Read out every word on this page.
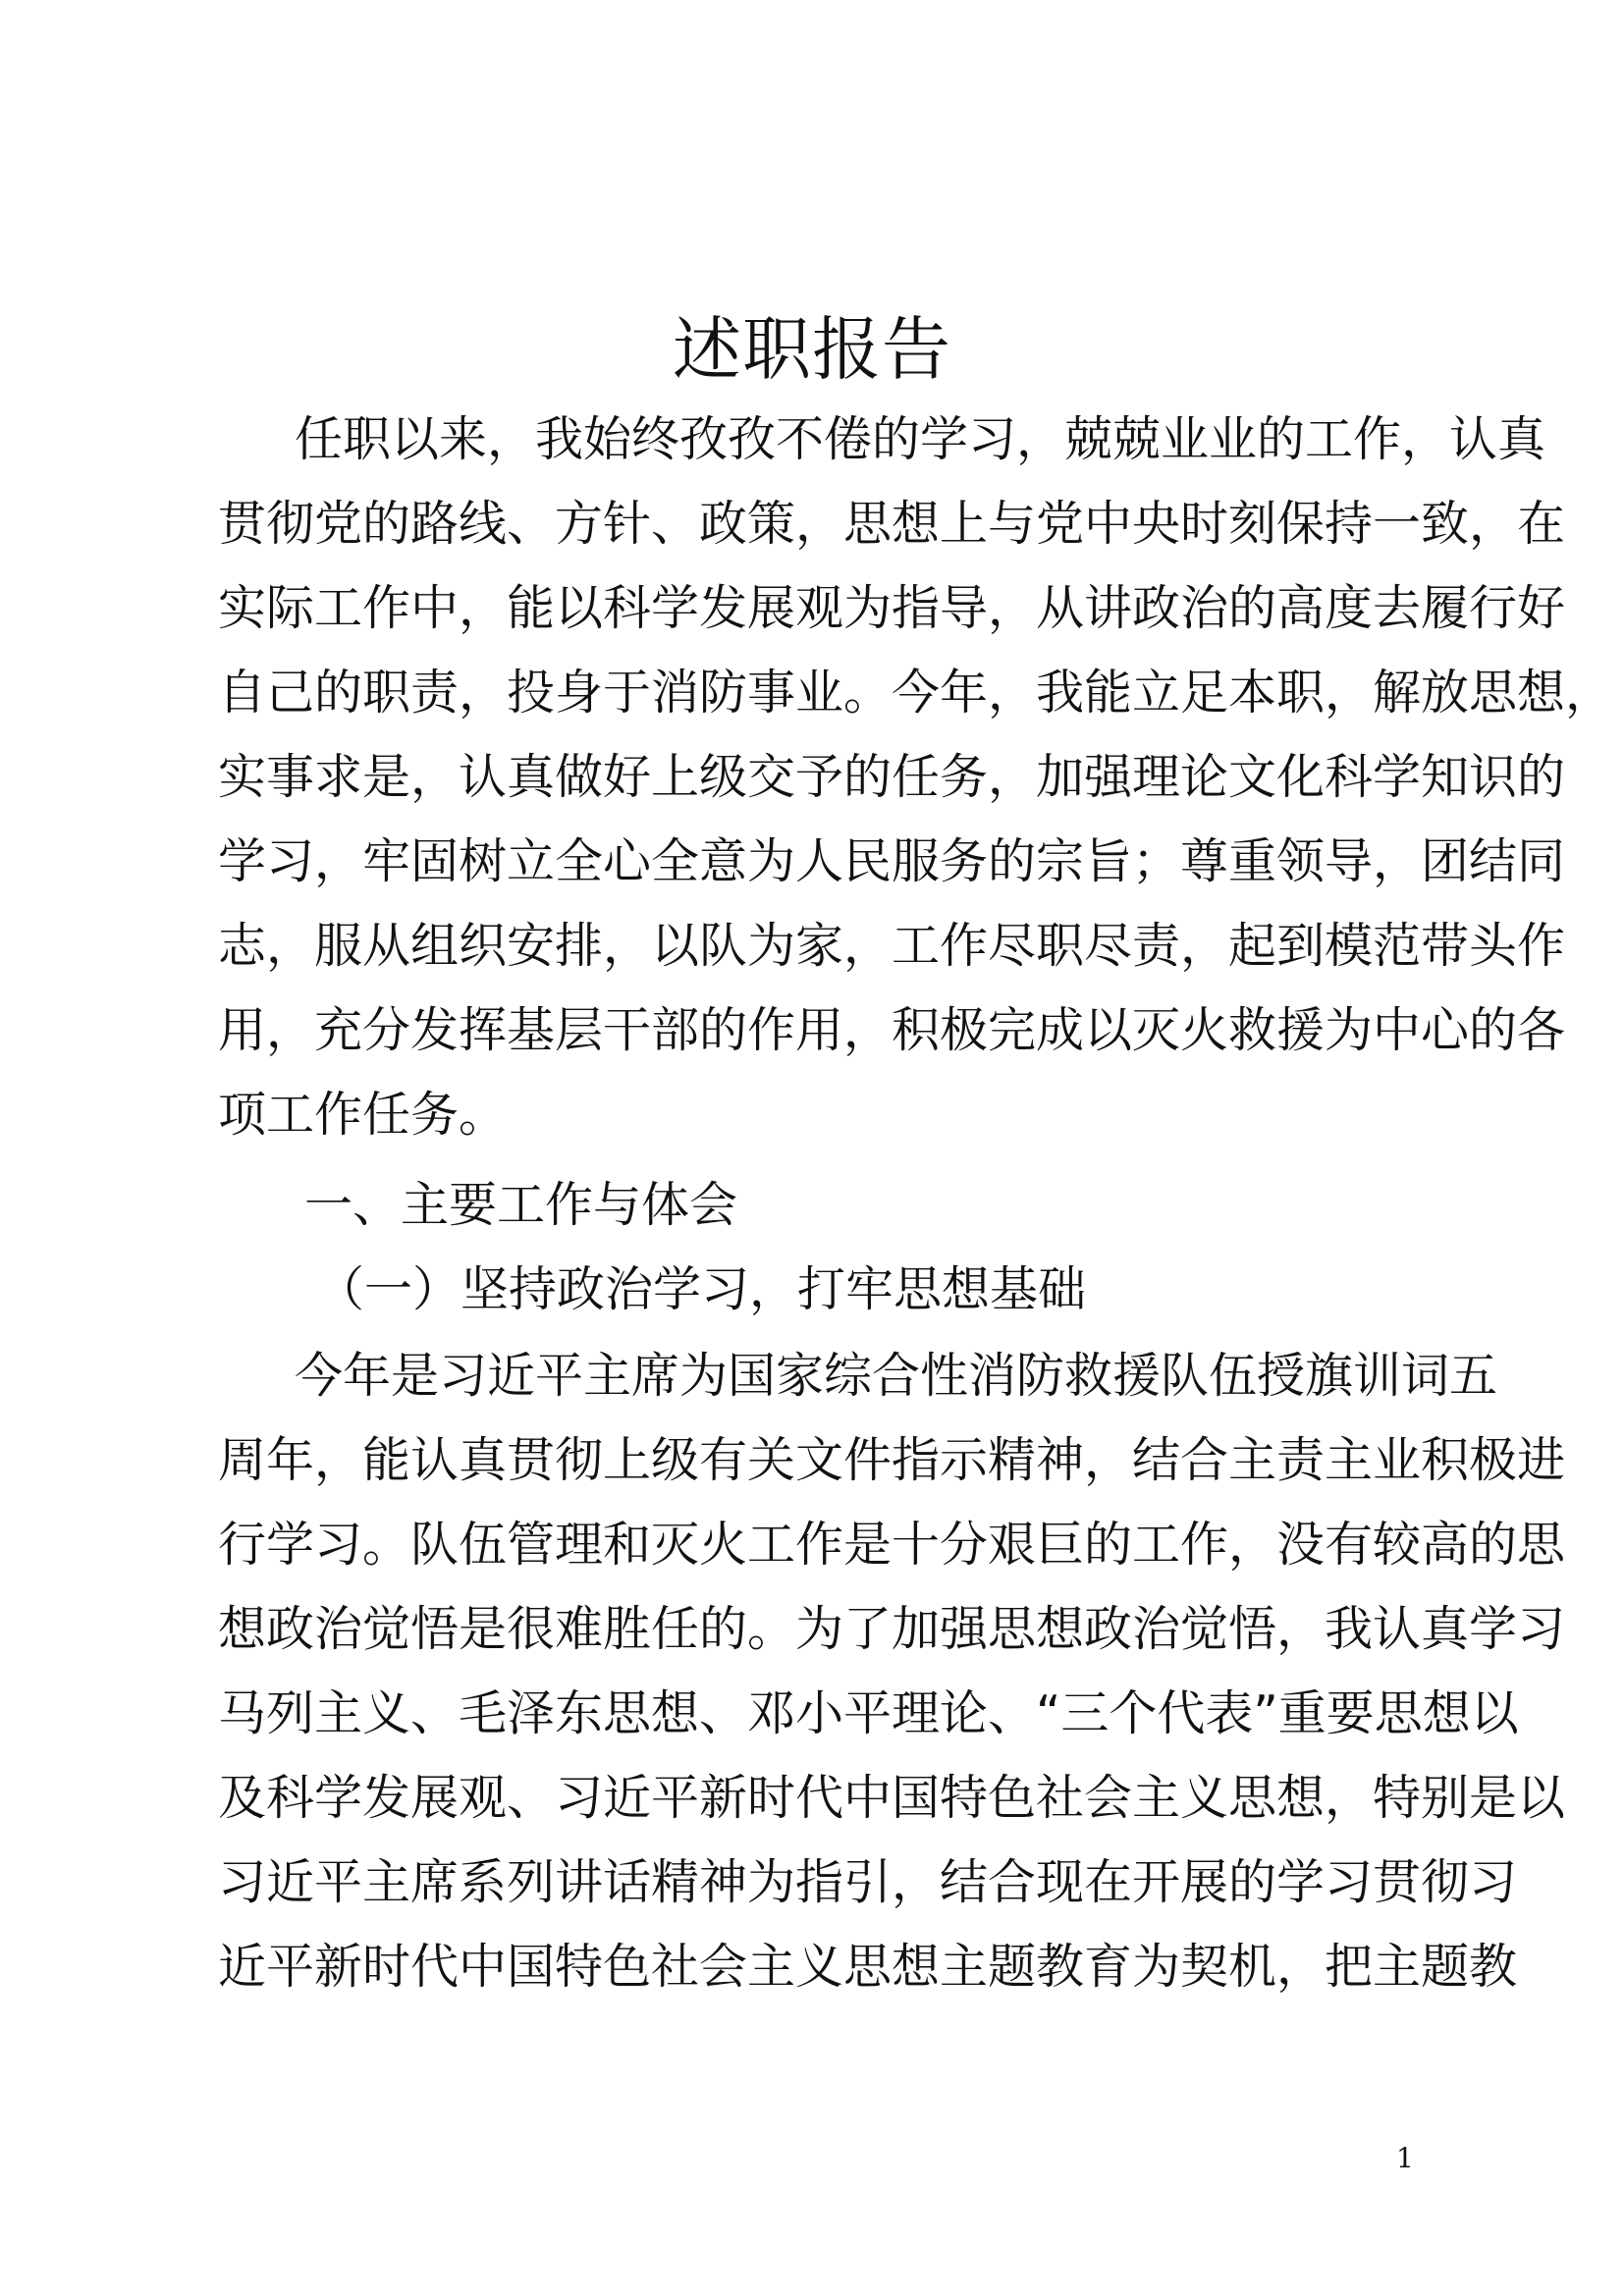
述职报告

任职以来，我始终孜孜不倦的学习，兢兢业业的工作，认真

贯彻党的路线、方针、政策，思想上与党中央时刻保持一致，在

实际工作中，能以科学发展观为指导，从讲政治的高度去履行好

自己的职责，投身于消防事业。今年，我能立足本职，解放思想，

实事求是，认真做好上级交予的任务，加强理论文化科学知识的

学习，牢固树立全心全意为人民服务的宗旨；尊重领导，团结同

志，服从组织安排，以队为家，工作尽职尽责，起到模范带头作

用，充分发挥基层干部的作用，积极完成以灭火救援为中心的各

项工作任务。

一、主要工作与体会

（一）坚持政治学习，打牢思想基础

今年是习近平主席为国家综合性消防救援队伍授旗训词五

周年，能认真贯彻上级有关文件指示精神，结合主责主业积极进

行学习。队伍管理和灭火工作是十分艰巨的工作，没有较高的思

想政治觉悟是很难胜任的。为了加强思想政治觉悟，我认真学习

马列主义、毛泽东思想、邓小平理论、“三个代表”重要思想以

及科学发展观、习近平新时代中国特色社会主义思想，特别是以

习近平主席系列讲话精神为指引，结合现在开展的学习贯彻习

近平新时代中国特色社会主义思想主题教育为契机，把主题教

1
